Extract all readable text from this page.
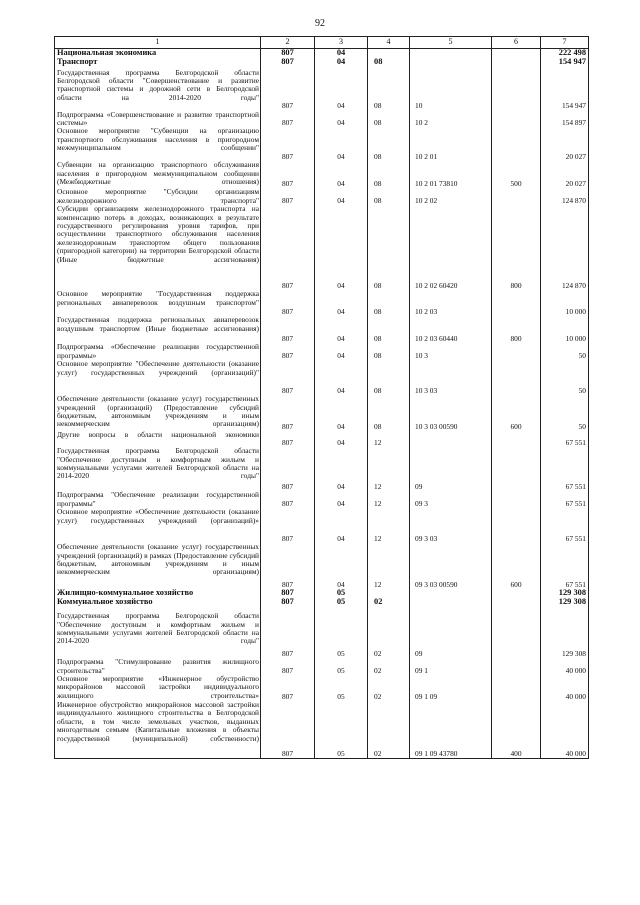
92
1	2	3	4	5	6	7
Национальная экономика	807	04				222 498
Транспорт	807	04	08			154 947
Государственная программа Белгородской области Белгородской области "Совершенствование и развитие транспортной системы и дорожной сети в Белгородской области на 2014-2020 годы"	807	04	08	10		154 947
Подпрограмма «Совершенствование и развитие транспортной системы»	807	04	08	10 2		154 897
Основное мероприятие "Субвенции на организацию транспортного обслуживания населения в пригородном межмуниципальном сообщении"	807	04	08	10 2 01		20 027
Субвенции на организацию транспортного обслуживания населения в пригородном межмуниципальном сообщении (Межбюджетные отношения)	807	04	08	10 2 01 73810	500	20 027
Основное мероприятие "Субсидии организациям железнодорожного транспорта"	807	04	08	10 2 02		124 870
Субсидии организациям железнодорожного транспорта на компенсацию потерь в доходах, возникающих в результате государственного регулирования уровня тарифов, при осуществлении транспортного обслуживания населения железнодорожным транспортом общего пользования (пригородной категории) на территории Белгородской области (Иные бюджетные ассигнования)	807	04	08	10 2 02 60420	800	124 870
Основное мероприятие "Государственная поддержка региональных авиаперевозок воздушным транспортом"	807	04	08	10 2 03		10 000
Государственная поддержка региональных авиаперевозок воздушным транспортом (Иные бюджетные ассигнования)	807	04	08	10 2 03 60440	800	10 000
Подпрограмма «Обеспечение реализации государственной программы»	807	04	08	10 3		50
Основное мероприятие "Обеспечение деятельности (оказание услуг) государственных учреждений (организаций)"	807	04	08	10 3 03		50
Обеспечение деятельности (оказание услуг) государственных учреждений (организаций) (Предоставление субсидий бюджетным, автономным учреждениям и иным некоммерческим организациям)	807	04	08	10 3 03 00590	600	50
Другие вопросы в области национальной экономики	807	04	12			67 551
Государственная программа Белгородской области "Обеспечение доступным и комфортным жильем и коммунальными услугами жителей Белгородской области на 2014-2020 годы"	807	04	12	09		67 551
Подпрограмма "Обеспечение реализации государственной программы"	807	04	12	09 3		67 551
Основное мероприятие «Обеспечение деятельности (оказание услуг) государственных учреждений (организаций)»	807	04	12	09 3 03		67 551
Обеспечение деятельности (оказание услуг) государственных учреждений (организаций) в рамках (Предоставление субсидий бюджетным, автономным учреждениям и иным некоммерческим организациям)	807	04	12	09 3 03 00590	600	67 551
Жилищно-коммунальное хозяйство	807	05				129 308
Коммунальное хозяйство	807	05	02			129 308
Государственная программа Белгородской области "Обеспечение доступным и комфортным жильем и коммунальными услугами жителей Белгородской области на 2014-2020 годы"	807	05	02	09		129 308
Подпрограмма "Стимулирование развития жилищного строительства"	807	05	02	09 1		40 000
Основное мероприятие «Инженерное обустройство микрорайонов массовой застройки индивидуального жилищного строительства»	807	05	02	09 1 09		40 000
Инженерное обустройство микрорайонов массовой застройки индивидуального жилищного строительства в Белгородской области, в том числе земельных участков, выданных многодетным семьям (Капитальные вложения в объекты государственной (муниципальной) собственности)	807	05	02	09 1 09 43780	400	40 000
